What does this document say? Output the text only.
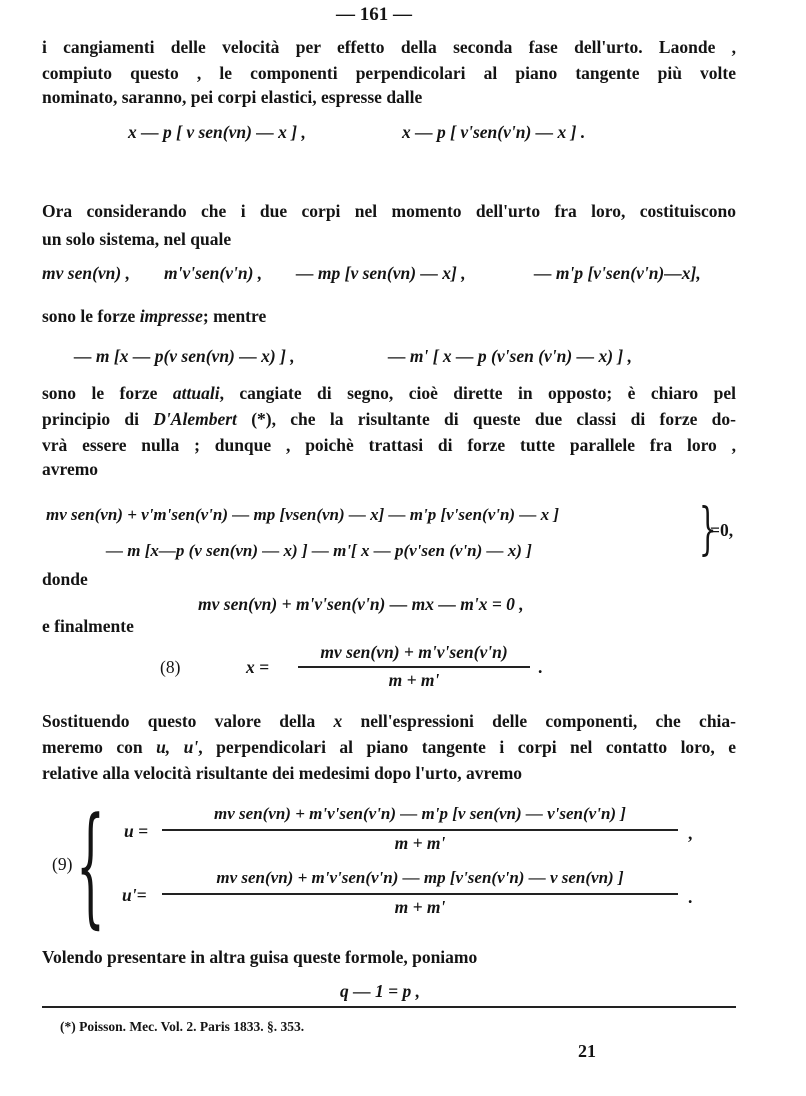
— 161 —
i cangiamenti delle velocità per effetto della seconda fase dell'urto. Laonde ,
compiuto questo , le componenti perpendicolari al piano tangente più volte
nominato, saranno, pei corpi elastici, espresse dalle
x — p [ v sen(vn) — x ] ,	x — p [ v'sen(v'n) — x ] .
Ora considerando che i due corpi nel momento dell'urto fra loro, costituiscono
un solo sistema, nel quale
mv sen(vn) , m'v'sen(v'n) , — mp [v sen(vn) — x] ,	— m'p [v'sen(v'n)—x],
sono le forze impresse; mentre
— m [x — p(v sen(vn) — x) ] ,	— m' [ x — p (v'sen (v'n) — x) ] ,
sono le forze attuali, cangiate di segno, cioè dirette in opposto; è chiaro pel
principio di D'Alembert (*), che la risultante di queste due classi di forze do-
vrà essere nulla ; dunque , poichè trattasi di forze tutte parallele fra loro ,
avremo
mv sen(vn) + v'm'sen(v'n) — mp [vsen(vn) — x] — m'p [v'sen(v'n) — x ]
— m [x—p (v sen(vn) — x) ] — m'[ x — p(v'sen (v'n) — x) ]	}
=0,
donde
mv sen(vn) + m'v'sen(v'n) — mx — m'x = 0 ,
e finalmente
(8)	x =
mv sen(vn) + m'v'sen(v'n)
m + m'
.
Sostituendo questo valore della x nell'espressioni delle componenti, che chia-
meremo con u, u', perpendicolari al piano tangente i corpi nel contatto loro, e
relative alla velocità risultante dei medesimi dopo l'urto, avremo
(9) { u =
mv sen(vn) + m'v'sen(v'n) — m'p [v sen(vn) — v'sen(v'n) ]
m + m'	,
u'=
mv sen(vn) + m'v'sen(v'n) — mp [v'sen(v'n) — v sen(vn) ]
m + m'	.
Volendo presentare in altra guisa queste formole, poniamo
q — 1 = p ,
(*) Poisson. Mec. Vol. 2. Paris 1833. §. 353.
21
